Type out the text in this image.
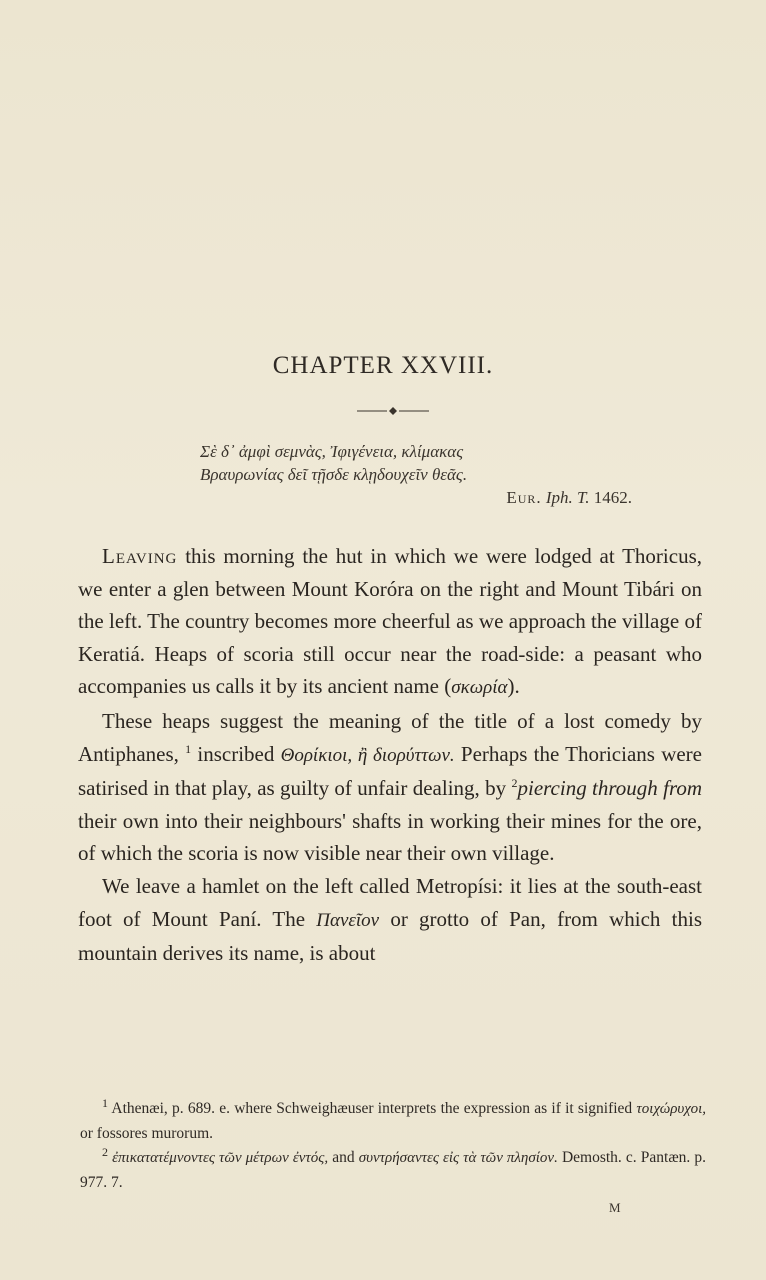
CHAPTER XXVIII.
Σὲ δ᾽ ἀμφὶ σεμνὰς, Ἰφιγένεια, κλίμακας
Βραυρωνίας δεῖ τῇσδε κλῃδουχεῖν θεᾶς.
Eur. Iph. T. 1462.

Leaving this morning the hut in which we were lodged at Thoricus, we enter a glen between Mount Koróra on the right and Mount Tibári on the left. The country becomes more cheerful as we approach the village of Keratiá. Heaps of scoria still occur near the road-side: a peasant who accompanies us calls it by its ancient name (σκωρία).

These heaps suggest the meaning of the title of a lost comedy by Antiphanes, $^1$ inscribed Θορίκιοι, ἢ διορύττων. Perhaps the Thoricians were satirised in that play, as guilty of unfair dealing, by $^2$piercing through from their own into their neighbours' shafts in working their mines for the ore, of which the scoria is now visible near their own village.

We leave a hamlet on the left called Metropísi: it lies at the south-east foot of Mount Paní. The Πανεῖον or grotto of Pan, from which this mountain derives its name, is about

$^1$ Athenæi, p. 689. e. where Schweighæuser interprets the expression as if it signified τοιχώρυχοι, or fossores murorum.

$^2$ ἐπικατατέμνοντες τῶν μέτρων ἐντός, and συντρήσαντες εἰς τὰ τῶν πλησίον. Demosth. c. Pantæn. p. 977. 7.

M
